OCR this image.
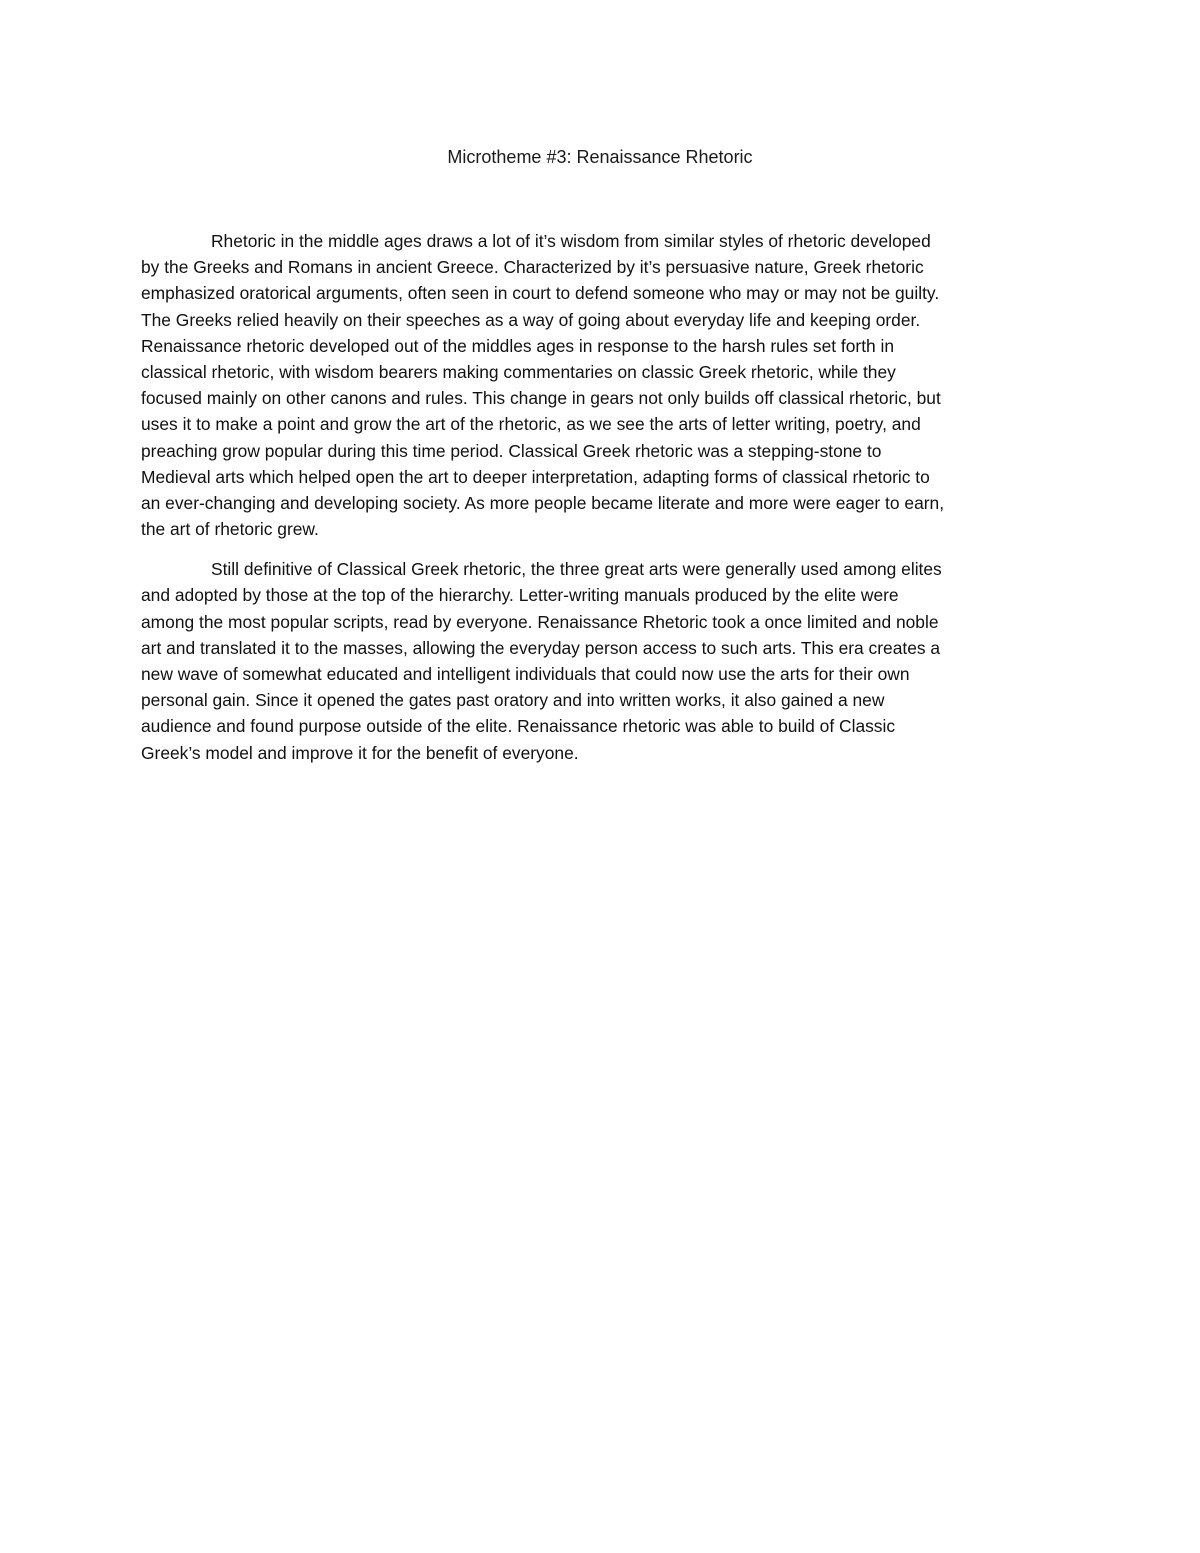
Microtheme #3: Renaissance Rhetoric

Rhetoric in the middle ages draws a lot of it’s wisdom from similar styles of rhetoric developed
by the Greeks and Romans in ancient Greece. Characterized by it’s persuasive nature, Greek rhetoric
emphasized oratorical arguments, often seen in court to defend someone who may or may not be guilty.
The Greeks relied heavily on their speeches as a way of going about everyday life and keeping order.
Renaissance rhetoric developed out of the middles ages in response to the harsh rules set forth in
classical rhetoric, with wisdom bearers making commentaries on classic Greek rhetoric, while they
focused mainly on other canons and rules. This change in gears not only builds off classical rhetoric, but
uses it to make a point and grow the art of the rhetoric, as we see the arts of letter writing, poetry, and
preaching grow popular during this time period. Classical Greek rhetoric was a stepping-stone to
Medieval arts which helped open the art to deeper interpretation, adapting forms of classical rhetoric to
an ever-changing and developing society. As more people became literate and more were eager to earn,
the art of rhetoric grew.

Still definitive of Classical Greek rhetoric, the three great arts were generally used among elites
and adopted by those at the top of the hierarchy. Letter-writing manuals produced by the elite were
among the most popular scripts, read by everyone. Renaissance Rhetoric took a once limited and noble
art and translated it to the masses, allowing the everyday person access to such arts. This era creates a
new wave of somewhat educated and intelligent individuals that could now use the arts for their own
personal gain. Since it opened the gates past oratory and into written works, it also gained a new
audience and found purpose outside of the elite. Renaissance rhetoric was able to build of Classic
Greek’s model and improve it for the benefit of everyone.
